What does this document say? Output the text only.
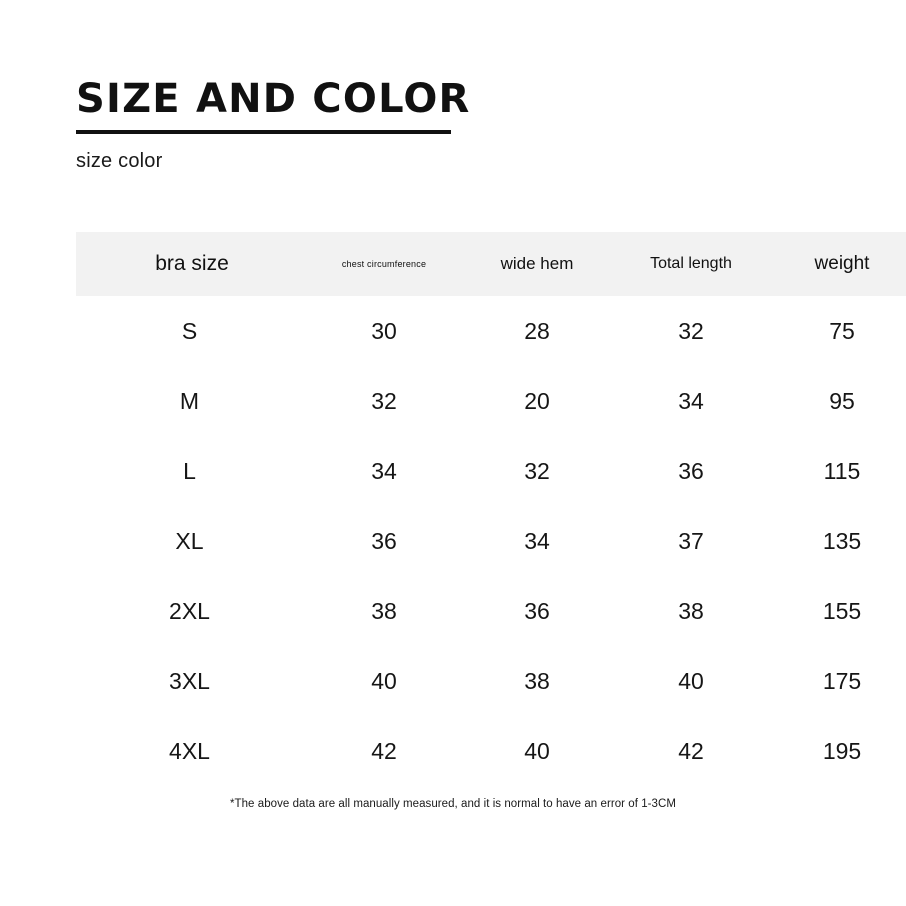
SIZE AND COLOR
size color
bra size	chest circumference	wide hem	Total length	weight
S	30	28	32	75
M	32	20	34	95
L	34	32	36	115
XL	36	34	37	135
2XL	38	36	38	155
3XL	40	38	40	175
4XL	42	40	42	195
*The above data are all manually measured, and it is normal to have an error of 1-3CM
